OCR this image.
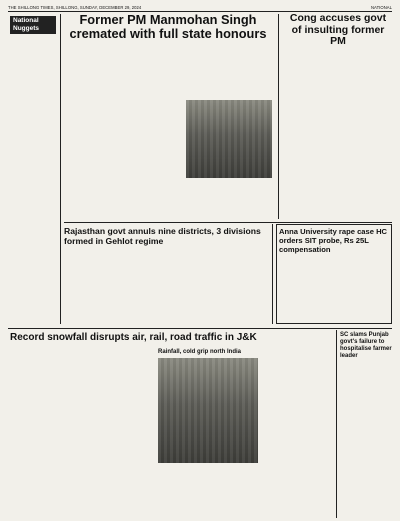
THE SHILLONG TIMES, SHILLONG, SUNDAY, DECEMBER 29, 2024	NATIONAL
National
Nuggets
Former PM Manmohan Singh cremated with full state honours
Cong accuses govt of insulting former PM
Rajasthan govt annuls nine districts, 3 divisions formed in Gehlot regime
Anna University rape case HC orders SIT probe, Rs 25L compensation
SC slams Punjab govt's failure to hospitalise farmer leader
Record snowfall disrupts air, rail, road traffic in J&K
Rainfall, cold grip north India
